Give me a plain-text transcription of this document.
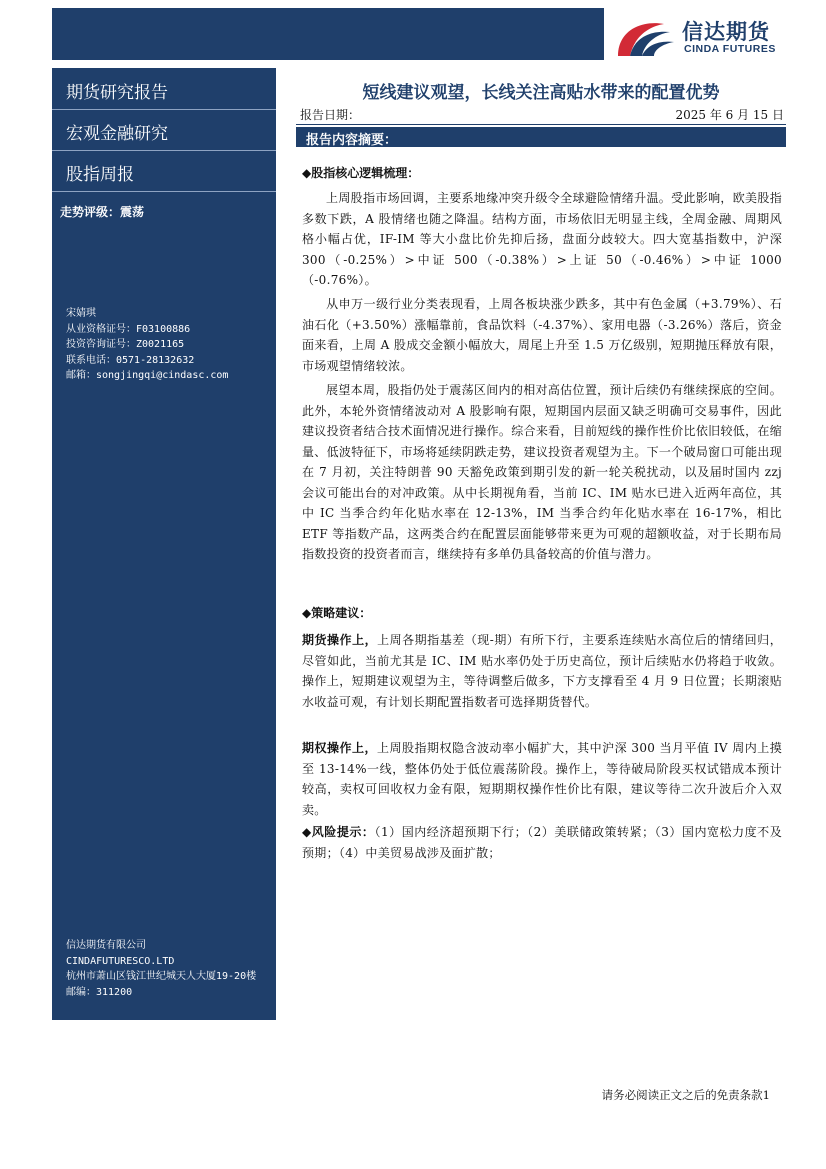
信达期货
CINDA FUTURES
期货研究报告
宏观金融研究
股指周报
走势评级：震荡
宋婧琪
从业资格证号：F03100886
投资咨询证号：Z0021165
联系电话：0571-28132632
邮箱：songjingqi@cindasc.com
信达期货有限公司
CINDAFUTURESCO.LTD
杭州市萧山区钱江世纪城天人大厦19-20楼
邮编：311200
短线建议观望，长线关注高贴水带来的配置优势
报告日期：	2025 年 6 月 15 日
报告内容摘要：
◆股指核心逻辑梳理：
上周股指市场回调，主要系地缘冲突升级令全球避险情绪升温。受此影响，欧美股指多数下跌，A 股情绪也随之降温。结构方面，市场依旧无明显主线，全周金融、周期风格小幅占优，IF-IM 等大小盘比价先抑后扬，盘面分歧较大。四大宽基指数中，沪深 300（-0.25%）>中证 500（-0.38%）>上证 50（-0.46%）>中证 1000（-0.76%）。
从申万一级行业分类表现看，上周各板块涨少跌多，其中有色金属（+3.79%）、石油石化（+3.50%）涨幅靠前，食品饮料（-4.37%）、家用电器（-3.26%）落后，资金面来看，上周 A 股成交金额小幅放大，周尾上升至 1.5 万亿级别，短期抛压释放有限，市场观望情绪较浓。
展望本周，股指仍处于震荡区间内的相对高估位置，预计后续仍有继续探底的空间。此外，本轮外资情绪波动对 A 股影响有限，短期国内层面又缺乏明确可交易事件，因此建议投资者结合技术面情况进行操作。综合来看，目前短线的操作性价比依旧较低，在缩量、低波特征下，市场将延续阴跌走势，建议投资者观望为主。下一个破局窗口可能出现在 7 月初，关注特朗普 90 天豁免政策到期引发的新一轮关税扰动，以及届时国内 zzj 会议可能出台的对冲政策。从中长期视角看，当前 IC、IM 贴水已进入近两年高位，其中 IC 当季合约年化贴水率在 12-13%，IM 当季合约年化贴水率在 16-17%，相比 ETF 等指数产品，这两类合约在配置层面能够带来更为可观的超额收益，对于长期布局指数投资的投资者而言，继续持有多单仍具备较高的价值与潜力。
◆策略建议：
期货操作上，上周各期指基差（现-期）有所下行，主要系连续贴水高位后的情绪回归，尽管如此，当前尤其是 IC、IM 贴水率仍处于历史高位，预计后续贴水仍将趋于收敛。操作上，短期建议观望为主，等待调整后做多，下方支撑看至 4 月 9 日位置；长期滚贴水收益可观，有计划长期配置指数者可选择期货替代。
期权操作上，上周股指期权隐含波动率小幅扩大，其中沪深 300 当月平值 IV 周内上摸至 13-14%一线，整体仍处于低位震荡阶段。操作上，等待破局阶段买权试错成本预计较高，卖权可回收权力金有限，短期期权操作性价比有限，建议等待二次升波后介入双卖。
◆风险提示：（1）国内经济超预期下行；（2）美联储政策转紧；（3）国内宽松力度不及预期；（4）中美贸易战涉及面扩散；
请务必阅读正文之后的免责条款1
